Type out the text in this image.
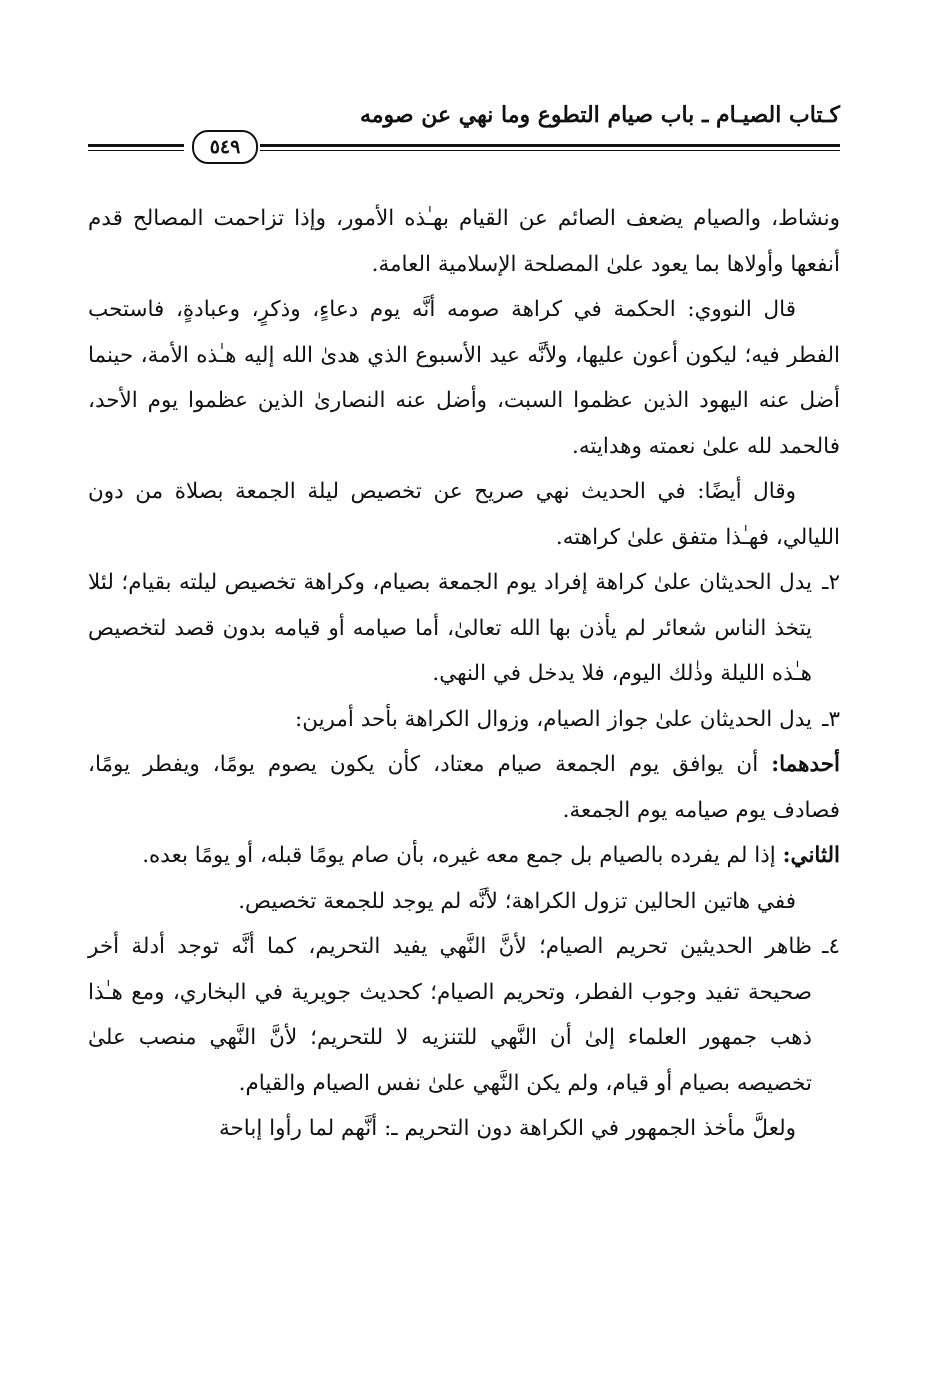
كـتاب الصيـام ـ باب صيام التطوع وما نهي عن صومه
٥٤٩

ونشاط، والصيام يضعف الصائم عن القيام بهـٰذه الأمور، وإذا تزاحمت المصالح قدم أنفعها وأولاها بما يعود علىٰ المصلحة الإسلامية العامة.

قال النووي: الحكمة في كراهة صومه أنَّه يوم دعاءٍ، وذكرٍ، وعبادةٍ، فاستحب الفطر فيه؛ ليكون أعون عليها، ولأنَّه عيد الأسبوع الذي هدىٰ الله إليه هـٰذه الأمة، حينما أضل عنه اليهود الذين عظموا السبت، وأضل عنه النصارىٰ الذين عظموا يوم الأحد، فالحمد لله علىٰ نعمته وهدايته.

وقال أيضًا: في الحديث نهي صريح عن تخصيص ليلة الجمعة بصلاة من دون الليالي، فهـٰذا متفق علىٰ كراهته.

٢ـيدل الحديثان علىٰ كراهة إفراد يوم الجمعة بصيام، وكراهة تخصيص ليلته بقيام؛ لئلا يتخذ الناس شعائر لم يأذن بها الله تعالىٰ، أما صيامه أو قيامه بدون قصد لتخصيص هـٰذه الليلة وذٰلك اليوم، فلا يدخل في النهي.

٣ـيدل الحديثان علىٰ جواز الصيام، وزوال الكراهة بأحد أمرين:

أحدهما: أن يوافق يوم الجمعة صيام معتاد، كأن يكون يصوم يومًا، ويفطر يومًا، فصادف يوم صيامه يوم الجمعة.

الثاني: إذا لم يفرده بالصيام بل جمع معه غيره، بأن صام يومًا قبله، أو يومًا بعده.

ففي هاتين الحالين تزول الكراهة؛ لأنَّه لم يوجد للجمعة تخصيص.

٤ـظاهر الحديثين تحريم الصيام؛ لأنَّ النَّهي يفيد التحريم، كما أنَّه توجد أدلة أخر صحيحة تفيد وجوب الفطر، وتحريم الصيام؛ كحديث جويرية في البخاري، ومع هـٰذا ذهب جمهور العلماء إلىٰ أن النَّهي للتنزيه لا للتحريم؛ لأنَّ النَّهي منصب علىٰ تخصيصه بصيام أو قيام، ولم يكن النَّهي علىٰ نفس الصيام والقيام.

ولعلَّ مأخذ الجمهور في الكراهة دون التحريم ـ: أنَّهم لما رأوا إباحة
